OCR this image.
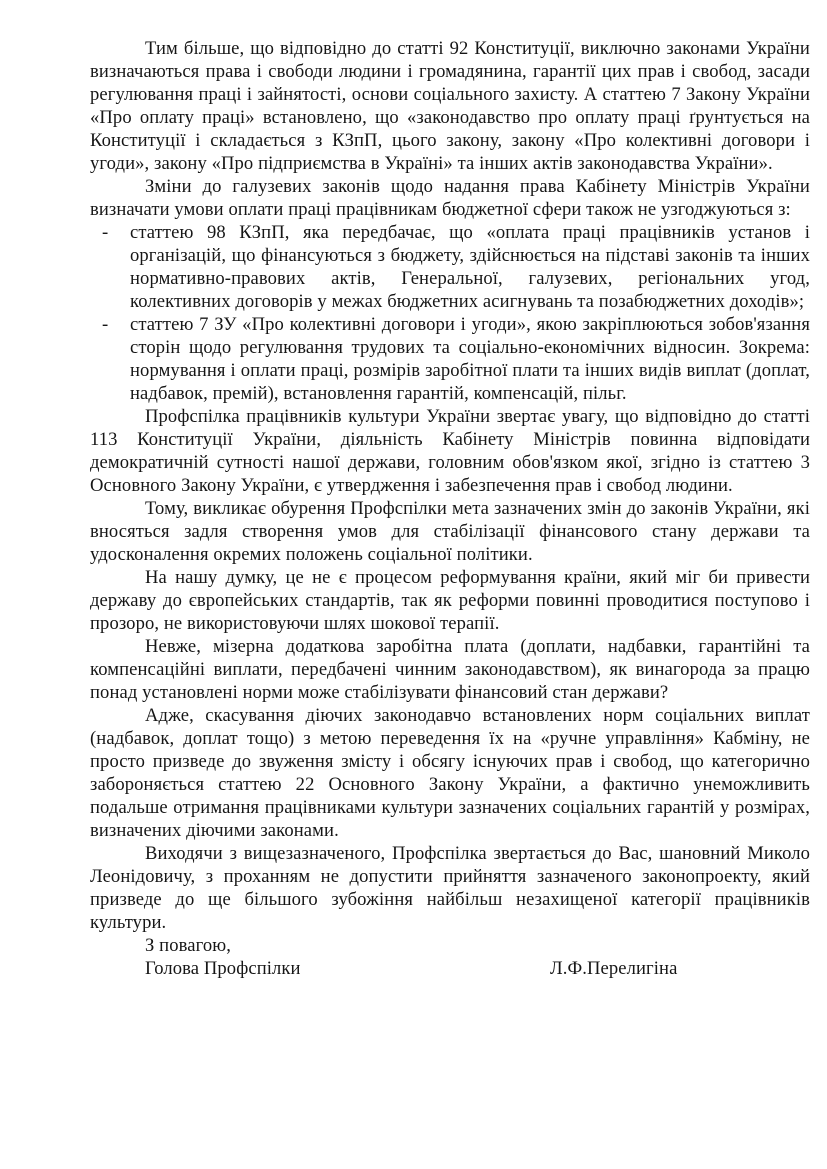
Тим більше, що відповідно до статті 92 Конституції, виключно законами України визначаються права і свободи людини і громадянина, гарантії цих прав і свобод, засади регулювання праці і зайнятості, основи соціального захисту. А статтею 7 Закону України «Про оплату праці» встановлено, що «законодавство про оплату праці ґрунтується на Конституції і складається з КЗпП, цього закону, закону «Про колективні договори і угоди», закону «Про підприємства в Україні» та інших актів законодавства України».

Зміни до галузевих законів щодо надання права Кабінету Міністрів України визначати умови оплати праці працівникам бюджетної сфери також не узгоджуються з:

- статтею 98 КЗпП, яка передбачає, що «оплата праці працівників установ і організацій, що фінансуються з бюджету, здійснюється на підставі законів та інших нормативно-правових актів, Генеральної, галузевих, регіональних угод, колективних договорів у межах бюджетних асигнувань та позабюджетних доходів»;
- статтею 7 ЗУ «Про колективні договори і угоди», якою закріплюються зобов'язання сторін щодо регулювання трудових та соціально-економічних відносин. Зокрема: нормування і оплати праці, розмірів заробітної плати та інших видів виплат (доплат, надбавок, премій), встановлення гарантій, компенсацій, пільг.

Профспілка працівників культури України звертає увагу, що відповідно до статті 113 Конституції України, діяльність Кабінету Міністрів повинна відповідати демократичній сутності нашої держави, головним обов'язком якої, згідно із статтею 3 Основного Закону України, є утвердження і забезпечення прав і свобод людини.

Тому, викликає обурення Профспілки мета зазначених змін до законів України, які вносяться задля створення умов для стабілізації фінансового стану держави та удосконалення окремих положень соціальної політики.

На нашу думку, це не є процесом реформування країни, який міг би привести державу до європейських стандартів, так як реформи повинні проводитися поступово і прозоро, не використовуючи шлях шокової терапії.

Невже, мізерна додаткова заробітна плата (доплати, надбавки, гарантійні та компенсаційні виплати, передбачені чинним законодавством), як винагорода за працю понад установлені норми може стабілізувати фінансовий стан держави?

Адже, скасування діючих законодавчо встановлених норм соціальних виплат (надбавок, доплат тощо) з метою переведення їх на «ручне управління» Кабміну, не просто призведе до звуження змісту і обсягу існуючих прав і свобод, що категорично забороняється статтею 22 Основного Закону України, а фактично унеможливить подальше отримання працівниками культури зазначених соціальних гарантій у розмірах, визначених діючими законами.

Виходячи з вищезазначеного, Профспілка звертається до Вас, шановний Миколо Леонідовичу, з проханням не допустити прийняття зазначеного законопроекту, який призведе до ще більшого зубожіння найбільш незахищеної категорії працівників культури.

З повагою,

Голова Профспілки	Л.Ф.Перелигіна
